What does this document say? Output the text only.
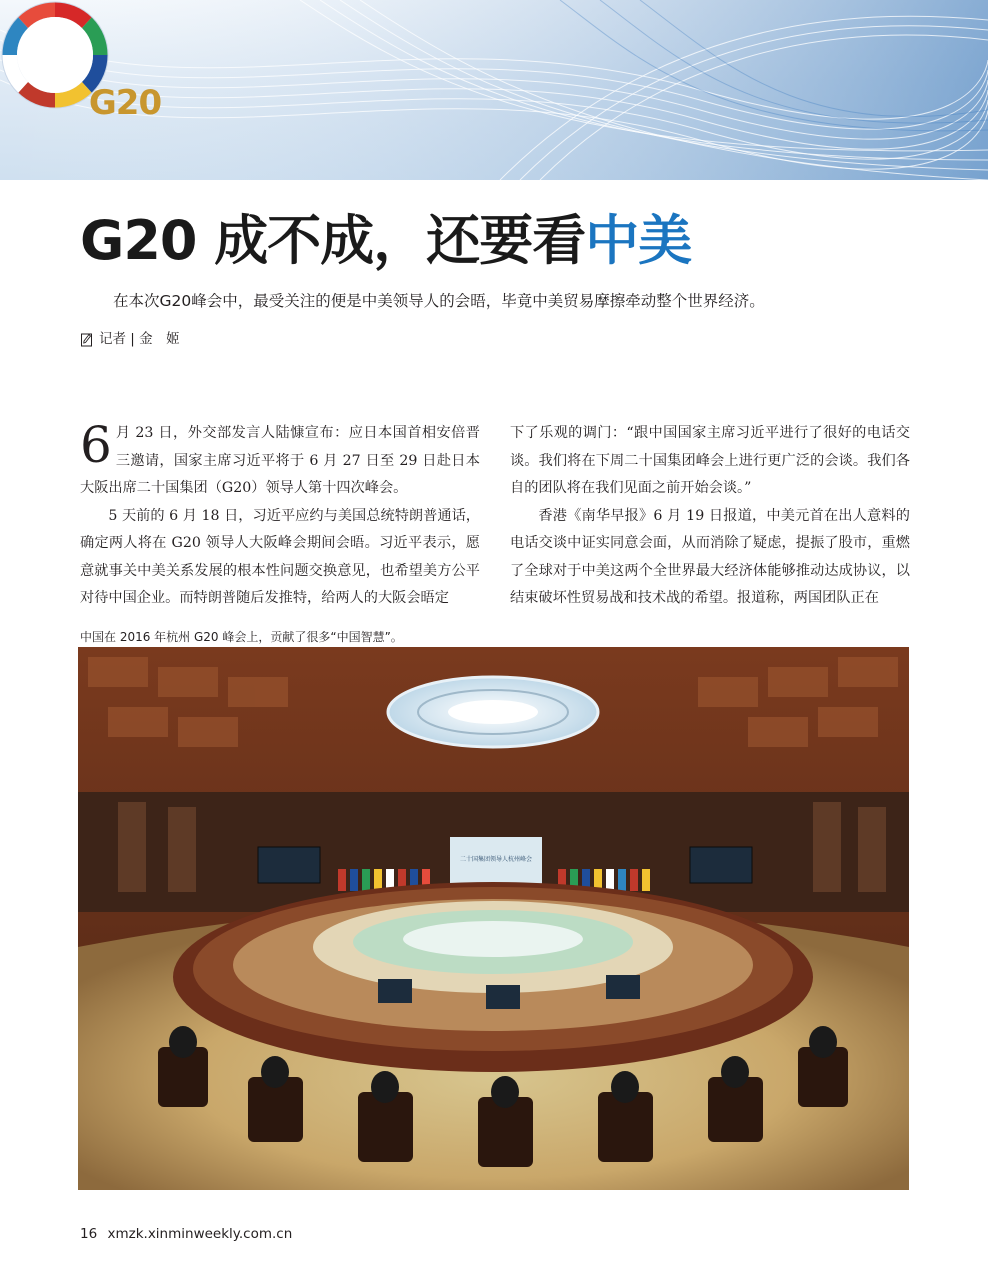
G20
G20 成不成，还要看中美
在本次G20峰会中，最受关注的便是中美领导人的会晤，毕竟中美贸易摩擦牵动整个世界经济。
记者 | 金　姬

6 月 23 日，外交部发言人陆慷宣布：应日本国首相安倍晋三邀请，国家主席习近平将于 6 月 27 日至 29 日赴日本大阪出席二十国集团（G20）领导人第十四次峰会。

5 天前的 6 月 18 日，习近平应约与美国总统特朗普通话，确定两人将在 G20 领导人大阪峰会期间会晤。习近平表示，愿意就事关中美关系发展的根本性问题交换意见，也希望美方公平对待中国企业。而特朗普随后发推特，给两人的大阪会晤定

下了乐观的调门：“跟中国国家主席习近平进行了很好的电话交谈。我们将在下周二十国集团峰会上进行更广泛的会谈。我们各自的团队将在我们见面之前开始会谈。”

香港《南华早报》6 月 19 日报道，中美元首在出人意料的电话交谈中证实同意会面，从而消除了疑虑，提振了股市，重燃了全球对于中美这两个全世界最大经济体能够推动达成协议，以结束破坏性贸易战和技术战的希望。报道称，两国团队正在

中国在 2016 年杭州 G20 峰会上，贡献了很多“中国智慧”。
二十国集团领导人杭州峰会
16 xmzk.xinminweekly.com.cn
